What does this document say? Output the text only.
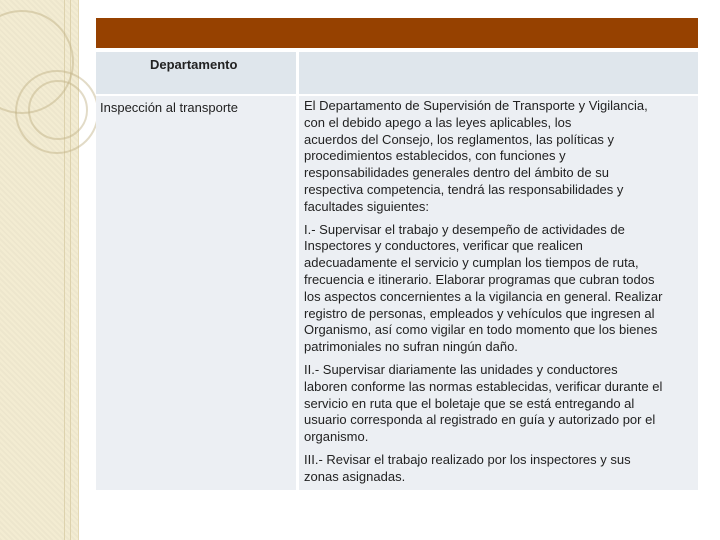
Departamento
Inspección al transporte	El Departamento de Supervisión de Transporte y Vigilancia,
con el debido apego a las leyes aplicables, los
acuerdos del Consejo, los reglamentos, las políticas y
procedimientos establecidos, con funciones y
responsabilidades generales dentro del ámbito de su
respectiva competencia, tendrá las responsabilidades y
facultades siguientes:

I.- Supervisar el trabajo y desempeño de actividades de
Inspectores y conductores, verificar que realicen
adecuadamente el servicio y cumplan los tiempos de ruta,
frecuencia e itinerario. Elaborar programas que cubran todos
los aspectos concernientes a la vigilancia en general. Realizar
registro de personas, empleados y vehículos que ingresen al
Organismo, así como vigilar en todo momento que los bienes
patrimoniales no sufran ningún daño.

II.- Supervisar diariamente las unidades y conductores
laboren conforme las normas establecidas, verificar durante el
servicio en ruta que el boletaje que se está entregando al
usuario corresponda al registrado en guía y autorizado por el
organismo.

III.- Revisar el trabajo realizado por los inspectores y sus
zonas asignadas.
